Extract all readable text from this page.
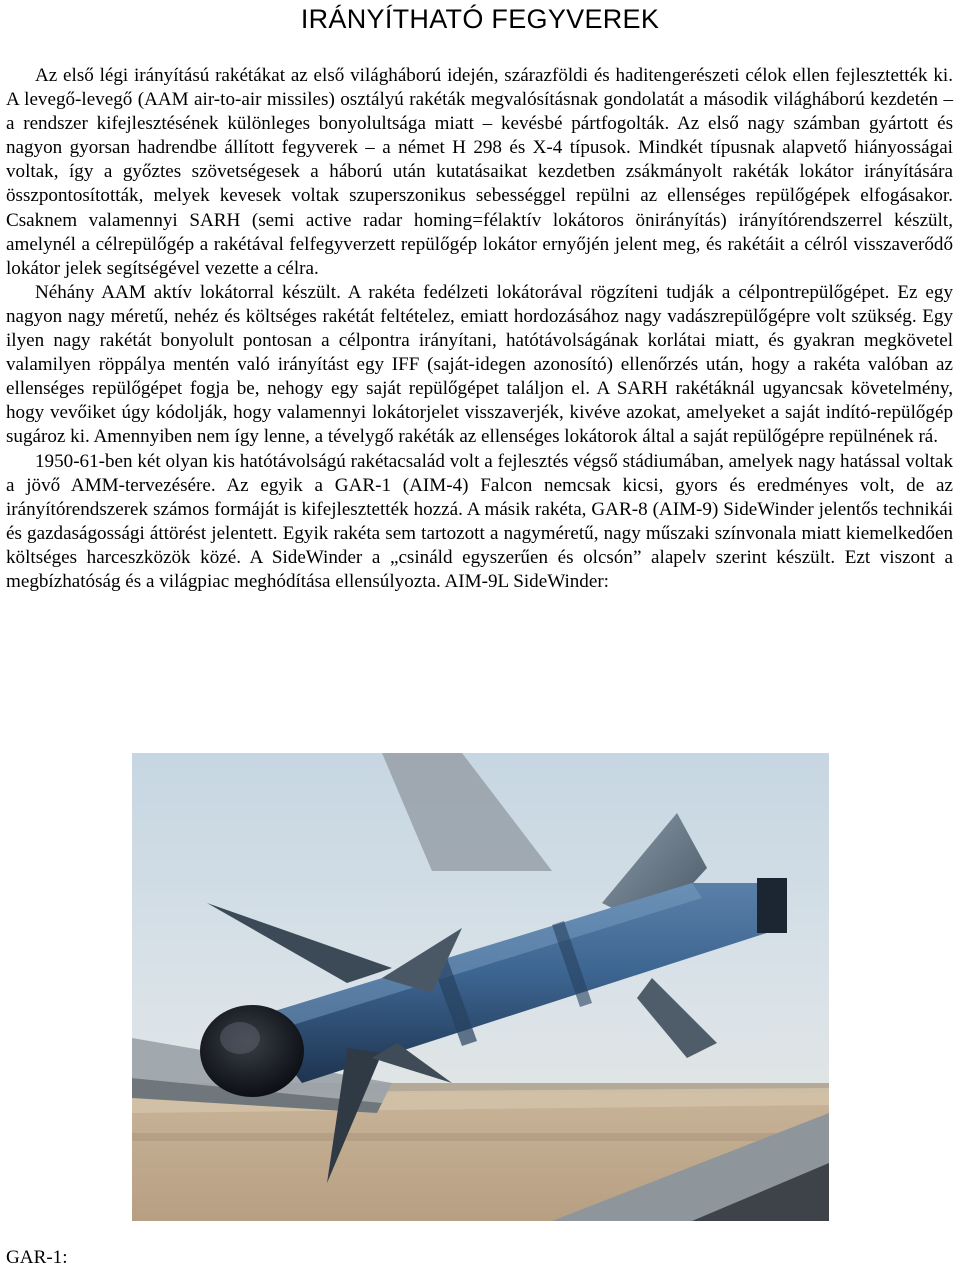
IRÁNYÍTHATÓ FEGYVEREK

Az első légi irányítású rakétákat az első világháború idején, szárazföldi és haditengerészeti célok ellen fejlesztették ki. A levegő-levegő (AAM air-to-air missiles) osztályú rakéták megvalósításnak gondolatát a második világháború kezdetén – a rendszer kifejlesztésének különleges bonyolultsága miatt – kevésbé pártfogolták. Az első nagy számban gyártott és nagyon gyorsan hadrendbe állított fegyverek – a német H 298 és X-4 típusok. Mindkét típusnak alapvető hiányosságai voltak, így a győztes szövetségesek a háború után kutatásaikat kezdetben zsákmányolt rakéták lokátor irányítására összpontosították, melyek kevesek voltak szuperszonikus sebességgel repülni az ellenséges repülőgépek elfogásakor. Csaknem valamennyi SARH (semi active radar homing=félaktív lokátoros önirányítás) irányítórendszerrel készült, amelynél a célrepülőgép a rakétával felfegyverzett repülőgép lokátor ernyőjén jelent meg, és rakétáit a célról visszaverődő lokátor jelek segítségével vezette a célra.

Néhány AAM aktív lokátorral készült. A rakéta fedélzeti lokátorával rögzíteni tudják a célpontrepülőgépet. Ez egy nagyon nagy méretű, nehéz és költséges rakétát feltételez, emiatt hordozásához nagy vadászrepülőgépre volt szükség. Egy ilyen nagy rakétát bonyolult pontosan a célpontra irányítani, hatótávolságának korlátai miatt, és gyakran megkövetel valamilyen röppálya mentén való irányítást egy IFF (saját-idegen azonosító) ellenőrzés után, hogy a rakéta valóban az ellenséges repülőgépet fogja be, nehogy egy saját repülőgépet találjon el. A SARH rakétáknál ugyancsak követelmény, hogy vevőiket úgy kódolják, hogy valamennyi lokátorjelet visszaverjék, kivéve azokat, amelyeket a saját indító-repülőgép sugároz ki. Amennyiben nem így lenne, a tévelygő rakéták az ellenséges lokátorok által a saját repülőgépre repülnének rá.

1950-61-ben két olyan kis hatótávolságú rakétacsalád volt a fejlesztés végső stádiumában, amelyek nagy hatással voltak a jövő AMM-tervezésére. Az egyik a GAR-1 (AIM-4) Falcon nemcsak kicsi, gyors és eredményes volt, de az irányítórendszerek számos formáját is kifejlesztették hozzá. A másik rakéta, GAR-8 (AIM-9) SideWinder jelentős technikái és gazdaságossági áttörést jelentett. Egyik rakéta sem tartozott a nagyméretű, nagy műszaki színvonala miatt kiemelkedően költséges harceszközök közé. A SideWinder a „csináld egyszerűen és olcsón” alapelv szerint készült. Ezt viszont a megbízhatóság és a világpiac meghódítása ellensúlyozta. AIM-9L SideWinder:

GAR-1:
